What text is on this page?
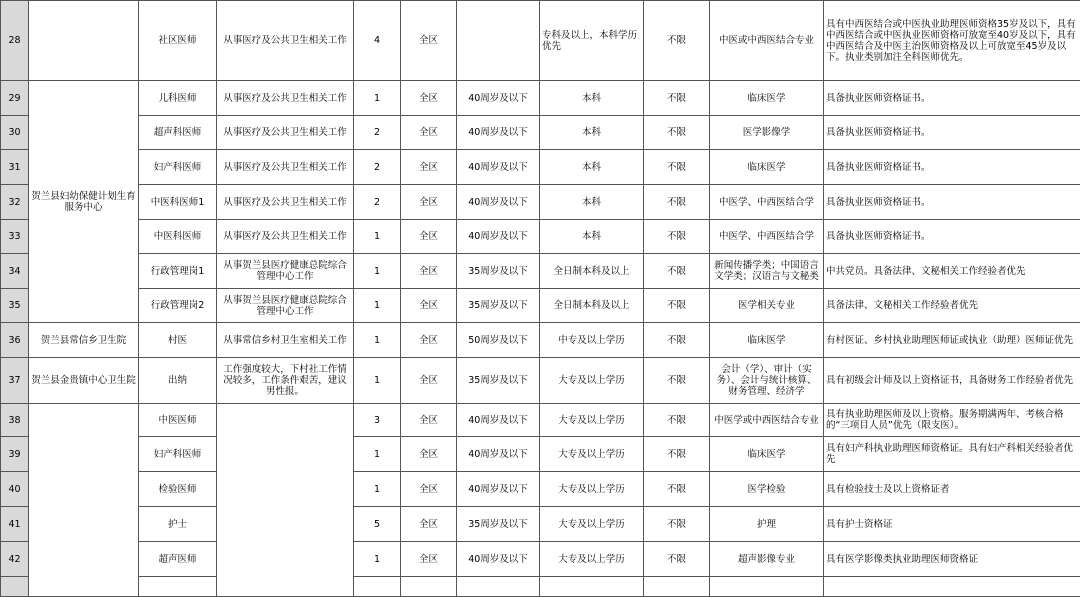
28		社区医师	从事医疗及公共卫生相关工作	4	全区		专科及以上，本科学历优先	不限	中医或中西医结合专业	具有中西医结合或中医执业助理医师资格35岁及以下，具有中西医结合或中医执业医师资格可放宽至40岁及以下，具有中西医结合及中医主治医师资格及以上可放宽至45岁及以下。执业类别加注全科医师优先。
29	贺兰县妇幼保健计划生育服务中心	儿科医师	从事医疗及公共卫生相关工作	1	全区	40周岁及以下	本科	不限	临床医学	具备执业医师资格证书。
30		超声科医师	从事医疗及公共卫生相关工作	2	全区	40周岁及以下	本科	不限	医学影像学	具备执业医师资格证书。
31		妇产科医师	从事医疗及公共卫生相关工作	2	全区	40周岁及以下	本科	不限	临床医学	具备执业医师资格证书。
32		中医科医师1	从事医疗及公共卫生相关工作	2	全区	40周岁及以下	本科	不限	中医学、中西医结合学	具备执业医师资格证书。
33		中医科医师	从事医疗及公共卫生相关工作	1	全区	40周岁及以下	本科	不限	中医学、中西医结合学	具备执业医师资格证书。
34		行政管理岗1	从事贺兰县医疗健康总院综合管理中心工作	1	全区	35周岁及以下	全日制本科及以上	不限	新闻传播学类；中国语言文学类；汉语言与文秘类	中共党员。具备法律、文秘相关工作经验者优先
35		行政管理岗2	从事贺兰县医疗健康总院综合管理中心工作	1	全区	35周岁及以下	全日制本科及以上	不限	医学相关专业	具备法律、文秘相关工作经验者优先
36	贺兰县常信乡卫生院	村医	从事常信乡村卫生室相关工作	1	全区	50周岁及以下	中专及以上学历	不限	临床医学	有村医证、乡村执业助理医师证或执业（助理）医师证优先
37	贺兰县金贵镇中心卫生院	出纳	工作强度较大，下村社工作情况较多，工作条件艰苦，建议男性报。	1	全区	35周岁及以下	大专及以上学历	不限	会计（学）、审计（实务）、会计与统计核算、财务管理、经济学	具有初级会计师及以上资格证书，具备财务工作经验者优先
38		中医医师		3	全区	40周岁及以下	大专及以上学历	不限	中医学或中西医结合专业	具有执业助理医师及以上资格。服务期满两年、考核合格的“三项目人员”优先（限支医）。
39		妇产科医师		1	全区	40周岁及以下	大专及以上学历	不限	临床医学	具有妇产科执业助理医师资格证。具有妇产科相关经验者优先
40		检验医师		1	全区	40周岁及以下	大专及以上学历	不限	医学检验	具有检验技士及以上资格证者
41		护士		5	全区	35周岁及以下	大专及以上学历	不限	护理	具有护士资格证
42		超声医师		1	全区	40周岁及以下	大专及以上学历	不限	超声影像专业	具有医学影像类执业助理医师资格证
